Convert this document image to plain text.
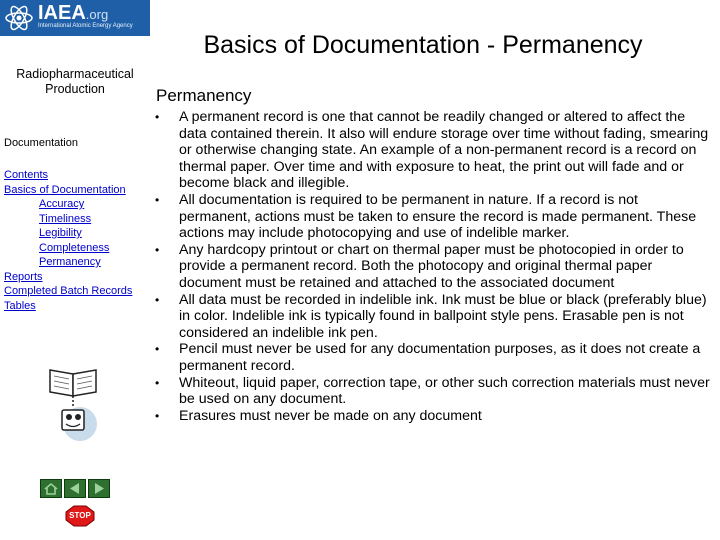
IAEA.org
International Atomic Energy Agency
Basics of Documentation - Permanency
Radiopharmaceutical
Production
Documentation
Contents
Basics of Documentation
Accuracy
Timeliness
Legibility
Completeness
Permanency
Reports
Completed Batch Records
Tables
STOP
Permanency
• A permanent record is one that cannot be readily changed or altered to affect the data contained therein. It also will endure storage over time without fading, smearing or otherwise changing state. An example of a non-permanent record is a record on thermal paper. Over time and with exposure to heat, the print out will fade and or become black and illegible.
• All documentation is required to be permanent in nature. If a record is not permanent, actions must be taken to ensure the record is made permanent. These actions may include photocopying and use of indelible marker.
• Any hardcopy printout or chart on thermal paper must be photocopied in order to provide a permanent record. Both the photocopy and original thermal paper document must be retained and attached to the associated document
• All data must be recorded in indelible ink. Ink must be blue or black (preferably blue) in color. Indelible ink is typically found in ballpoint style pens. Erasable pen is not considered an indelible ink pen.
• Pencil must never be used for any documentation purposes, as it does not create a permanent record.
• Whiteout, liquid paper, correction tape, or other such correction materials must never be used on any document.
• Erasures must never be made on any document
